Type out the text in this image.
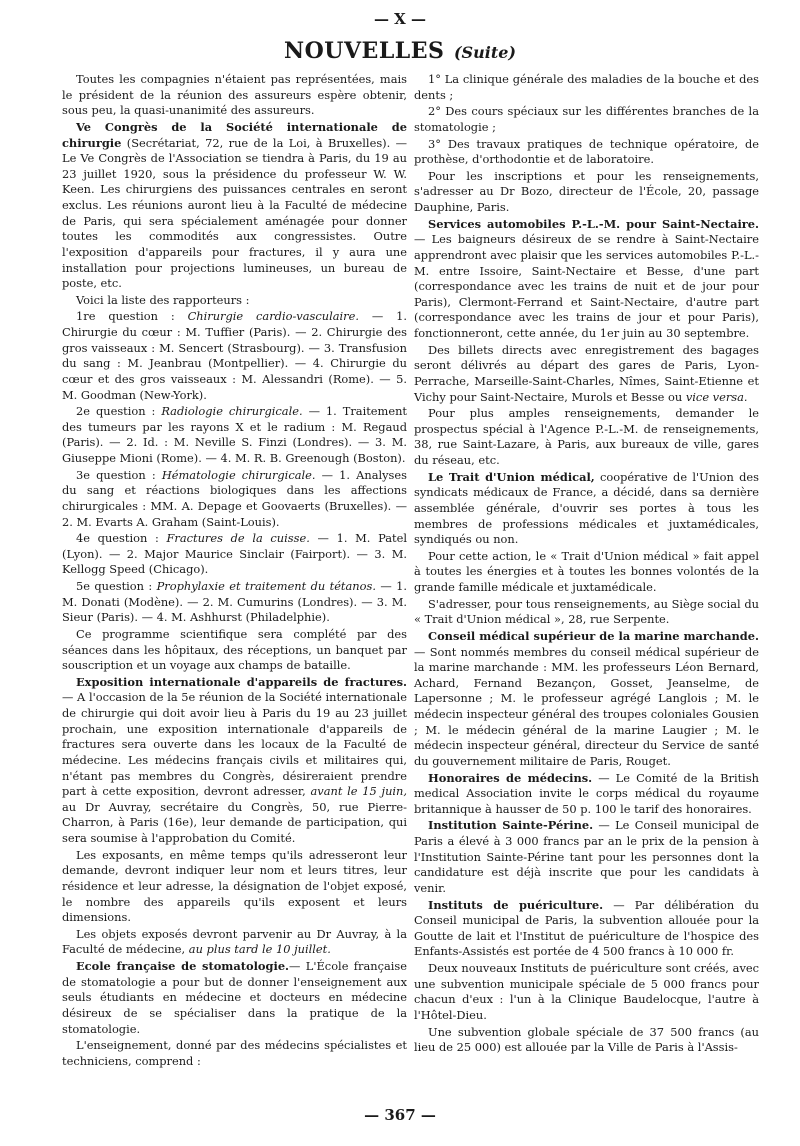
— X —
NOUVELLES (Suite)

Toutes les compagnies n'étaient pas représentées, mais le président de la réunion des assureurs espère obtenir, sous peu, la quasi-unanimité des assureurs.

Ve Congrès de la Société internationale de chirurgie (Secrétariat, 72, rue de la Loi, à Bruxelles). — Le Ve Congrès de l'Association se tiendra à Paris, du 19 au 23 juillet 1920, sous la présidence du professeur W. W. Keen. Les chirurgiens des puissances centrales en seront exclus. Les réunions auront lieu à la Faculté de médecine de Paris, qui sera spécialement aménagée pour donner toutes les commodités aux congressistes. Outre l'exposition d'appareils pour fractures, il y aura une installation pour projections lumineuses, un bureau de poste, etc.

Voici la liste des rapporteurs :

1re question : Chirurgie cardio-vasculaire. — 1. Chirurgie du cœur : M. Tuffier (Paris). — 2. Chirurgie des gros vaisseaux : M. Sencert (Strasbourg). — 3. Transfusion du sang : M. Jeanbrau (Montpellier). — 4. Chirurgie du cœur et des gros vaisseaux : M. Alessandri (Rome). — 5. M. Goodman (New-York).

2e question : Radiologie chirurgicale. — 1. Traitement des tumeurs par les rayons X et le radium : M. Regaud (Paris). — 2. Id. : M. Neville S. Finzi (Londres). — 3. M. Giuseppe Mioni (Rome). — 4. M. R. B. Greenough (Boston).

3e question : Hématologie chirurgicale. — 1. Analyses du sang et réactions biologiques dans les affections chirurgicales : MM. A. Depage et Goovaerts (Bruxelles). — 2. M. Evarts A. Graham (Saint-Louis).

4e question : Fractures de la cuisse. — 1. M. Patel (Lyon). — 2. Major Maurice Sinclair (Fairport). — 3. M. Kellogg Speed (Chicago).

5e question : Prophylaxie et traitement du tétanos. — 1. M. Donati (Modène). — 2. M. Cumurins (Londres). — 3. M. Sieur (Paris). — 4. M. Ashhurst (Philadelphie).

Ce programme scientifique sera complété par des séances dans les hôpitaux, des réceptions, un banquet par souscription et un voyage aux champs de bataille.

Exposition internationale d'appareils de fractures. — A l'occasion de la 5e réunion de la Société internationale de chirurgie qui doit avoir lieu à Paris du 19 au 23 juillet prochain, une exposition internationale d'appareils de fractures sera ouverte dans les locaux de la Faculté de médecine. Les médecins français civils et militaires qui, n'étant pas membres du Congrès, désireraient prendre part à cette exposition, devront adresser, avant le 15 juin, au Dr Auvray, secrétaire du Congrès, 50, rue Pierre-Charron, à Paris (16e), leur demande de participation, qui sera soumise à l'approbation du Comité.

Les exposants, en même temps qu'ils adresseront leur demande, devront indiquer leur nom et leurs titres, leur résidence et leur adresse, la désignation de l'objet exposé, le nombre des appareils qu'ils exposent et leurs dimensions.

Les objets exposés devront parvenir au Dr Auvray, à la Faculté de médecine, au plus tard le 10 juillet.

Ecole française de stomatologie.— L'École française de stomatologie a pour but de donner l'enseignement aux seuls étudiants en médecine et docteurs en médecine désireux de se spécialiser dans la pratique de la stomatologie.

L'enseignement, donné par des médecins spécialistes et techniciens, comprend :

1° La clinique générale des maladies de la bouche et des dents ;

2° Des cours spéciaux sur les différentes branches de la stomatologie ;

3° Des travaux pratiques de technique opératoire, de prothèse, d'orthodontie et de laboratoire.

Pour les inscriptions et pour les renseignements, s'adresser au Dr Bozo, directeur de l'École, 20, passage Dauphine, Paris.

Services automobiles P.-L.-M. pour Saint-Nectaire. — Les baigneurs désireux de se rendre à Saint-Nectaire apprendront avec plaisir que les services automobiles P.-L.-M. entre Issoire, Saint-Nectaire et Besse, d'une part (correspondance avec les trains de nuit et de jour pour Paris), Clermont-Ferrand et Saint-Nectaire, d'autre part (correspondance avec les trains de jour et pour Paris), fonctionneront, cette année, du 1er juin au 30 septembre.

Des billets directs avec enregistrement des bagages seront délivrés au départ des gares de Paris, Lyon-Perrache, Marseille-Saint-Charles, Nîmes, Saint-Etienne et Vichy pour Saint-Nectaire, Murols et Besse ou vice versa.

Pour plus amples renseignements, demander le prospectus spécial à l'Agence P.-L.-M. de renseignements, 38, rue Saint-Lazare, à Paris, aux bureaux de ville, gares du réseau, etc.

Le Trait d'Union médical, coopérative de l'Union des syndicats médicaux de France, a décidé, dans sa dernière assemblée générale, d'ouvrir ses portes à tous les membres de professions médicales et juxtamédicales, syndiqués ou non.

Pour cette action, le « Trait d'Union médical » fait appel à toutes les énergies et à toutes les bonnes volontés de la grande famille médicale et juxtamédicale.

S'adresser, pour tous renseignements, au Siège social du « Trait d'Union médical », 28, rue Serpente.

Conseil médical supérieur de la marine marchande. — Sont nommés membres du conseil médical supérieur de la marine marchande : MM. les professeurs Léon Bernard, Achard, Fernand Bezançon, Gosset, Jeanselme, de Lapersonne ; M. le professeur agrégé Langlois ; M. le médecin inspecteur général des troupes coloniales Gousien ; M. le médecin général de la marine Laugier ; M. le médecin inspecteur général, directeur du Service de santé du gouvernement militaire de Paris, Rouget.

Honoraires de médecins. — Le Comité de la British medical Association invite le corps médical du royaume britannique à hausser de 50 p. 100 le tarif des honoraires.

Institution Sainte-Périne. — Le Conseil municipal de Paris a élevé à 3 000 francs par an le prix de la pension à l'Institution Sainte-Périne tant pour les personnes dont la candidature est déjà inscrite que pour les candidats à venir.

Instituts de puériculture. — Par délibération du Conseil municipal de Paris, la subvention allouée pour la Goutte de lait et l'Institut de puériculture de l'hospice des Enfants-Assistés est portée de 4 500 francs à 10 000 fr.

Deux nouveaux Instituts de puériculture sont créés, avec une subvention municipale spéciale de 5 000 francs pour chacun d'eux : l'un à la Clinique Baudelocque, l'autre à l'Hôtel-Dieu.

Une subvention globale spéciale de 37 500 francs (au lieu de 25 000) est allouée par la Ville de Paris à l'Assis-

— 367 —
